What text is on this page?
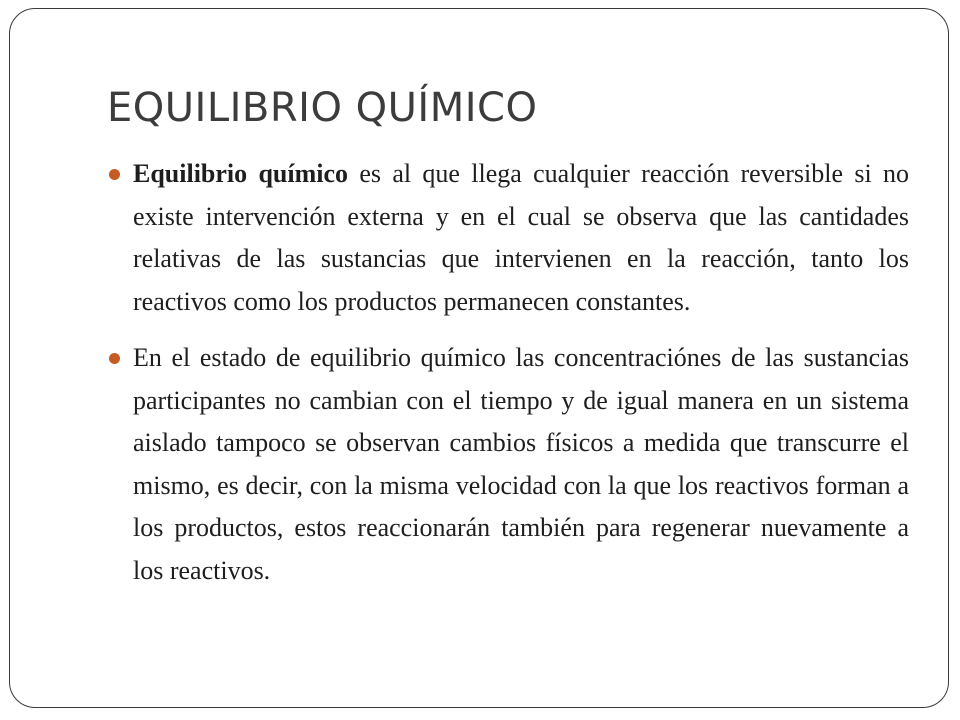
EQUILIBRIO QUÍMICO
Equilibrio químico es al que llega cualquier reacción reversible si no existe intervención externa y en el cual se observa que las cantidades relativas de las sustancias que intervienen en la reacción, tanto los reactivos como los productos permanecen constantes.
En el estado de equilibrio químico las concentraciónes de las sustancias participantes no cambian con el tiempo y de igual manera en un sistema aislado tampoco se observan cambios físicos a medida que transcurre el mismo, es decir, con la misma velocidad con la que los reactivos forman a los productos, estos reaccionarán también para regenerar nuevamente a los reactivos.
